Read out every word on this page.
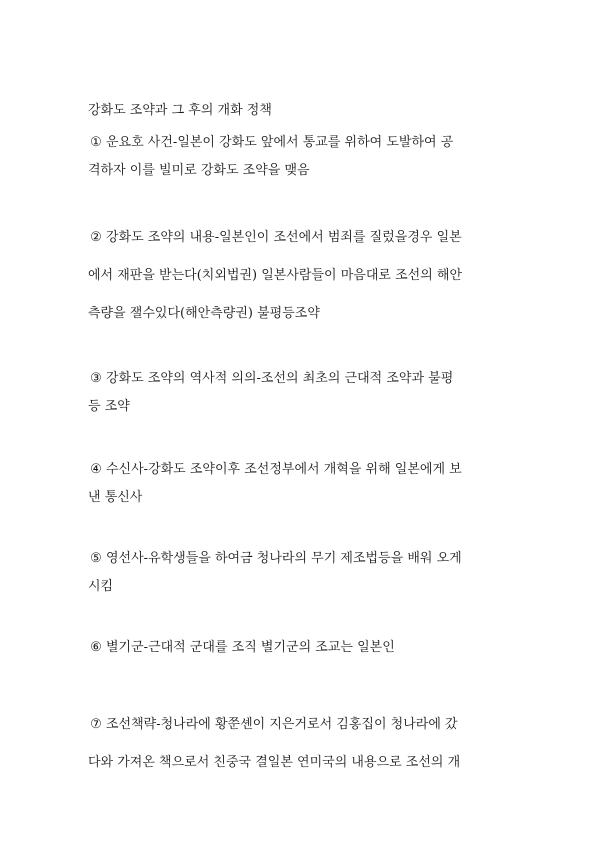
강화도 조약과 그 후의 개화 정책
① 운요호 사건-일본이 강화도 앞에서 통교를 위하여 도발하여 공
격하자 이를 빌미로 강화도 조약을 맺음
② 강화도 조약의 내용-일본인이 조선에서 범죄를 질렀을경우 일본
에서 재판을 받는다(치외법권) 일본사람들이 마음대로 조선의 해안
측량을 잴수있다(해안측량권) 불평등조약
③ 강화도 조약의 역사적 의의-조선의 최초의 근대적 조약과 불평
등 조약
④ 수신사-강화도 조약이후 조선정부에서 개혁을 위해 일본에게 보
낸 통신사
⑤ 영선사-유학생들을 하여금 청나라의 무기 제조법등을 배워 오게
시킴
⑥ 별기군-근대적 군대를 조직 별기군의 조교는 일본인
⑦ 조선책략-청나라에 황쭌셴이 지은거로서 김홍집이 청나라에 갔
다와 가져온 책으로서 친중국 결일본 연미국의 내용으로 조선의 개
